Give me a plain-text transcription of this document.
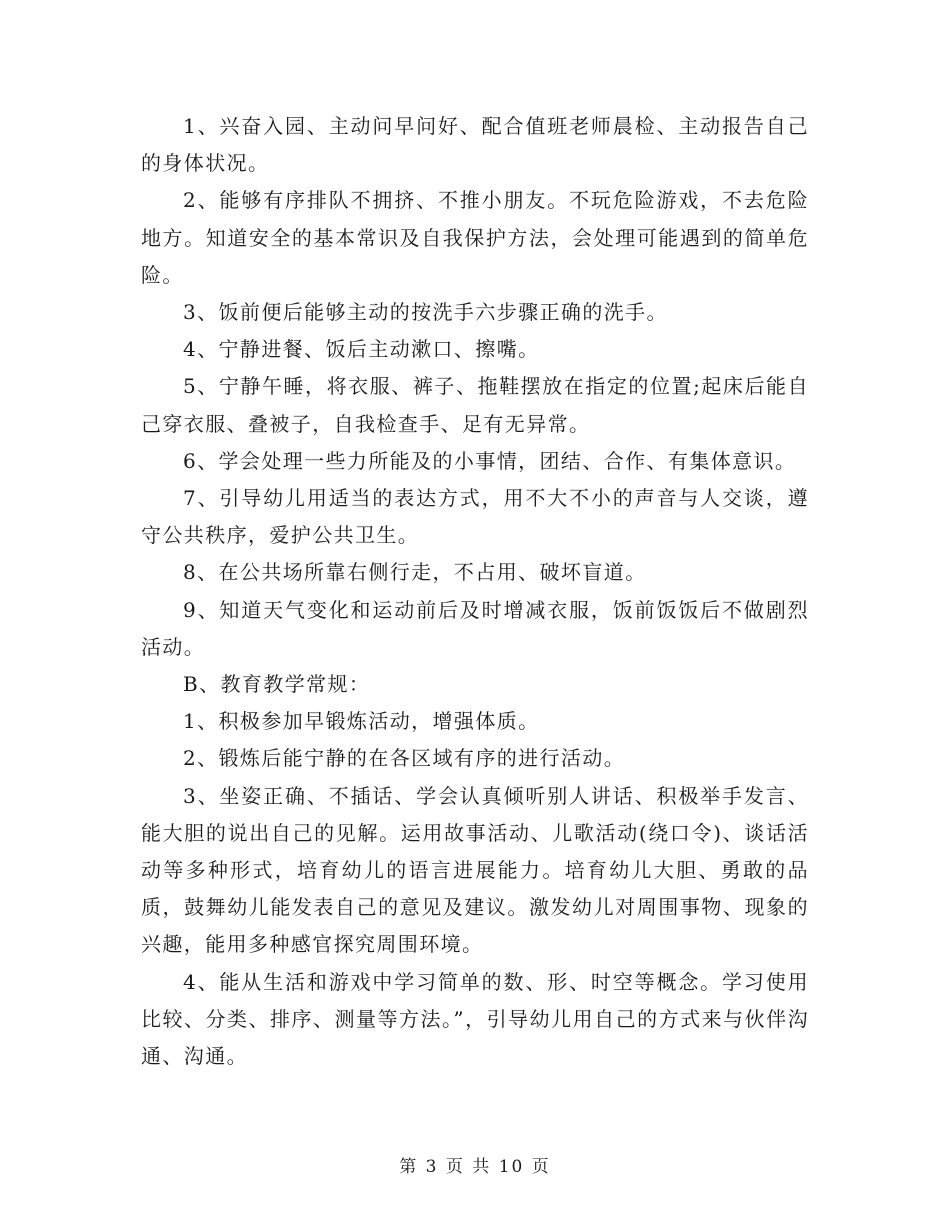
1、兴奋入园、主动问早问好、配合值班老师晨检、主动报告自己的身体状况。

2、能够有序排队不拥挤、不推小朋友。不玩危险游戏，不去危险地方。知道安全的基本常识及自我保护方法，会处理可能遇到的简单危险。

3、饭前便后能够主动的按洗手六步骤正确的洗手。

4、宁静进餐、饭后主动漱口、擦嘴。

5、宁静午睡，将衣服、裤子、拖鞋摆放在指定的位置;起床后能自己穿衣服、叠被子，自我检查手、足有无异常。

6、学会处理一些力所能及的小事情，团结、合作、有集体意识。

7、引导幼儿用适当的表达方式，用不大不小的声音与人交谈，遵守公共秩序，爱护公共卫生。

8、在公共场所靠右侧行走，不占用、破坏盲道。

9、知道天气变化和运动前后及时增减衣服，饭前饭饭后不做剧烈活动。

B、教育教学常规：

1、积极参加早锻炼活动，增强体质。

2、锻炼后能宁静的在各区域有序的进行活动。

3、坐姿正确、不插话、学会认真倾听别人讲话、积极举手发言、能大胆的说出自己的见解。运用故事活动、儿歌活动(绕口令)、谈话活动等多种形式，培育幼儿的语言进展能力。培育幼儿大胆、勇敢的品质，鼓舞幼儿能发表自己的意见及建议。激发幼儿对周围事物、现象的兴趣，能用多种感官探究周围环境。

4、能从生活和游戏中学习简单的数、形、时空等概念。学习使用比较、分类、排序、测量等方法。”，引导幼儿用自己的方式来与伙伴沟通、沟通。

第 3 页 共 10 页
